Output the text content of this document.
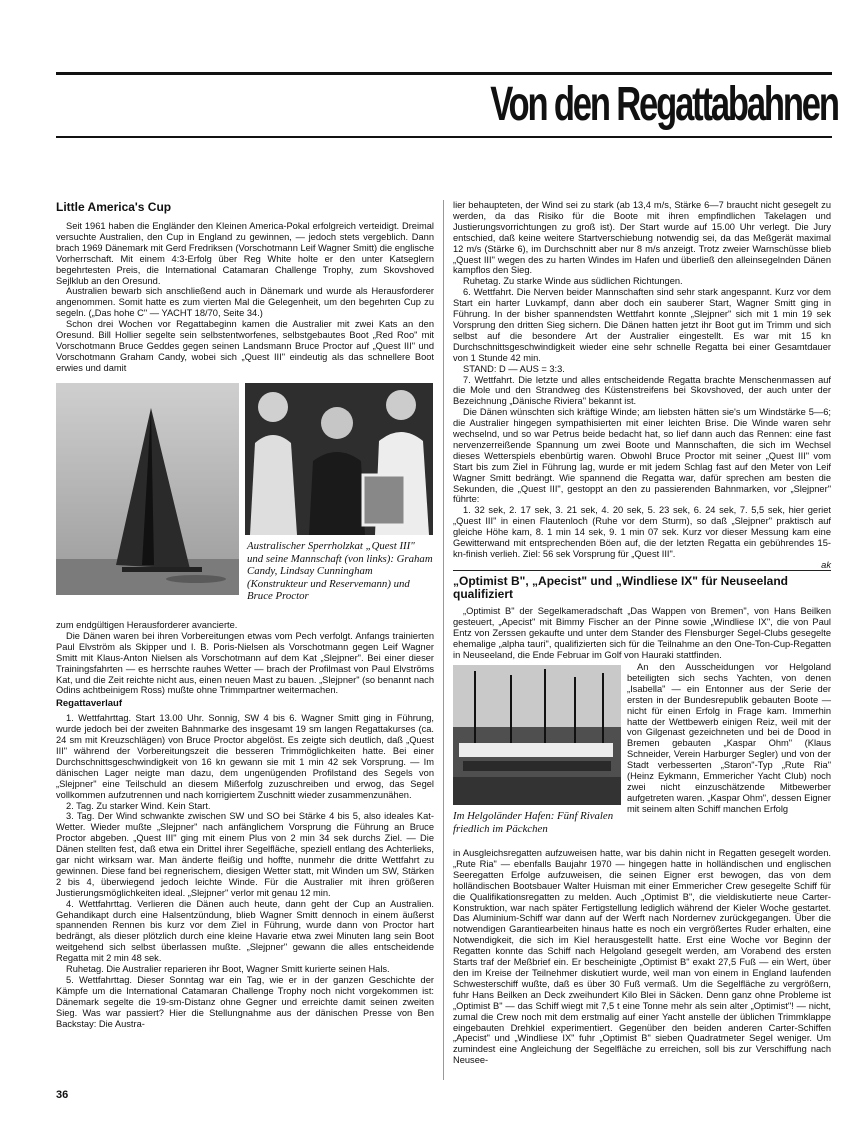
Von den Regattabahnen
Little America's Cup

Seit 1961 haben die Engländer den Kleinen America-Pokal erfolgreich verteidigt. Dreimal versuchte Australien, den Cup in England zu gewinnen, — jedoch stets vergeblich. Dann brach 1969 Dänemark mit Gerd Fredriksen (Vorschotmann Leif Wagner Smitt) die englische Vorherrschaft. Mit einem 4:3-Erfolg über Reg White holte er den unter Katseglern begehrtesten Preis, die International Catamaran Challenge Trophy, zum Skovshoved Sejlklub an den Oresund.

Australien bewarb sich anschließend auch in Dänemark und wurde als Herausforderer angenommen. Somit hatte es zum vierten Mal die Gelegenheit, um den begehrten Cup zu segeln. („Das hohe C" — YACHT 18/70, Seite 34.)

Schon drei Wochen vor Regattabeginn kamen die Australier mit zwei Kats an den Oresund. Bill Hollier segelte sein selbstentworfenes, selbstgebautes Boot „Red Roo" mit Vorschotmann Bruce Geddes gegen seinen Landsmann Bruce Proctor auf „Quest III" und Vorschotmann Graham Candy, wobei sich „Quest III" eindeutig als das schnellere Boot erwies und damit

Australischer Sperrholzkat „Quest III" und seine Mannschaft (von links): Graham Candy, Lindsay Cunningham (Konstrukteur und Reservemann) und Bruce Proctor

zum endgültigen Herausforderer avancierte.

Die Dänen waren bei ihren Vorbereitungen etwas vom Pech verfolgt. Anfangs trainierten Paul Elvström als Skipper und I. B. Poris-Nielsen als Vorschotmann gegen Leif Wagner Smitt mit Klaus-Anton Nielsen als Vorschotmann auf dem Kat „Slejpner". Bei einer dieser Trainingsfahrten — es herrschte rauhes Wetter — brach der Profilmast von Paul Elvströms Kat, und die Zeit reichte nicht aus, einen neuen Mast zu bauen. „Slejpner" (so benannt nach Odins achtbeinigem Ross) mußte ohne Trimmpartner weitermachen.

Regattaverlauf

1. Wettfahrttag. Start 13.00 Uhr. Sonnig, SW 4 bis 6. Wagner Smitt ging in Führung, wurde jedoch bei der zweiten Bahnmarke des insgesamt 19 sm langen Regattakurses (ca. 24 sm mit Kreuzschlägen) von Bruce Proctor abgelöst. Es zeigte sich deutlich, daß „Quest III" während der Vorbereitungszeit die besseren Trimmöglichkeiten hatte. Bei einer Durchschnittsgeschwindigkeit von 16 kn gewann sie mit 1 min 42 sek Vorsprung. — Im dänischen Lager neigte man dazu, dem ungenügenden Profilstand des Segels von „Slejpner" eine Teilschuld an diesem Mißerfolg zuzuschreiben und erwog, das Segel vollkommen aufzutrennen und nach korrigiertem Zuschnitt wieder zusammenzunähen.

2. Tag. Zu starker Wind. Kein Start.

3. Tag. Der Wind schwankte zwischen SW und SO bei Stärke 4 bis 5, also ideales Kat-Wetter. Wieder mußte „Slejpner" nach anfänglichem Vorsprung die Führung an Bruce Proctor abgeben. „Quest III" ging mit einem Plus von 2 min 34 sek durchs Ziel. — Die Dänen stellten fest, daß etwa ein Drittel ihrer Segelfläche, speziell entlang des Achterlieks, gar nicht wirksam war. Man änderte fleißig und hoffte, nunmehr die dritte Wettfahrt zu gewinnen. Diese fand bei regnerischem, diesigen Wetter statt, mit Winden um SW, Stärken 2 bis 4, überwiegend jedoch leichte Winde. Für die Australier mit ihren größeren Justierungsmöglichkeiten ideal. „Slejpner" verlor mit genau 12 min.

4. Wettfahrttag. Verlieren die Dänen auch heute, dann geht der Cup an Australien. Gehandikapt durch eine Halsentzündung, blieb Wagner Smitt dennoch in einem äußerst spannenden Rennen bis kurz vor dem Ziel in Führung, wurde dann von Proctor hart bedrängt, als dieser plötzlich durch eine kleine Havarie etwa zwei Minuten lang sein Boot weitgehend sich selbst überlassen mußte. „Slejpner" gewann die alles entscheidende Regatta mit 2 min 48 sek.

Ruhetag. Die Australier reparieren ihr Boot, Wagner Smitt kurierte seinen Hals.

5. Wettfahrttag. Dieser Sonntag war ein Tag, wie er in der ganzen Geschichte der Kämpfe um die International Catamaran Challenge Trophy noch nicht vorgekommen ist: Dänemark segelte die 19-sm-Distanz ohne Gegner und erreichte damit seinen zweiten Sieg. Was war passiert? Hier die Stellungnahme aus der dänischen Presse von Ben Backstay: Die Austra-

lier behaupteten, der Wind sei zu stark (ab 13,4 m/s, Stärke 6—7 braucht nicht gesegelt zu werden, da das Risiko für die Boote mit ihren empfindlichen Takelagen und Justierungsvorrichtungen zu groß ist). Der Start wurde auf 15.00 Uhr verlegt. Die Jury entschied, daß keine weitere Startverschiebung notwendig sei, da das Meßgerät maximal 12 m/s (Stärke 6), im Durchschnitt aber nur 8 m/s anzeigt. Trotz zweier Warnschüsse blieb „Quest III" wegen des zu harten Windes im Hafen und überließ den alleinsegelnden Dänen kampflos den Sieg.

Ruhetag. Zu starke Winde aus südlichen Richtungen.

6. Wettfahrt. Die Nerven beider Mannschaften sind sehr stark angespannt. Kurz vor dem Start ein harter Luvkampf, dann aber doch ein sauberer Start, Wagner Smitt ging in Führung. In der bisher spannendsten Wettfahrt konnte „Slejpner" sich mit 1 min 19 sek Vorsprung den dritten Sieg sichern. Die Dänen hatten jetzt ihr Boot gut im Trimm und sich selbst auf die besondere Art der Australier eingestellt. Es war mit 15 kn Durchschnittsgeschwindigkeit wieder eine sehr schnelle Regatta bei einer Gesamtdauer von 1 Stunde 42 min.

STAND: D — AUS = 3:3.

7. Wettfahrt. Die letzte und alles entscheidende Regatta brachte Menschenmassen auf die Mole und den Strandweg des Küstenstreifens bei Skovshoved, der auch unter der Bezeichnung „Dänische Riviera" bekannt ist.

Die Dänen wünschten sich kräftige Winde; am liebsten hätten sie's um Windstärke 5—6; die Australier hingegen sympathisierten mit einer leichten Brise. Die Winde waren sehr wechselnd, und so war Petrus beide bedacht hat, so lief dann auch das Rennen: eine fast nervenzerreißende Spannung um zwei Boote und Mannschaften, die sich im Wechsel dieses Wetterspiels ebenbürtig waren. Obwohl Bruce Proctor mit seiner „Quest III" vom Start bis zum Ziel in Führung lag, wurde er mit jedem Schlag fast auf den Meter von Leif Wagner Smitt bedrängt. Wie spannend die Regatta war, dafür sprechen am besten die Sekunden, die „Quest III", gestoppt an den zu passierenden Bahnmarken, vor „Slejpner" führte:

1. 32 sek, 2. 17 sek, 3. 21 sek, 4. 20 sek, 5. 23 sek, 6. 24 sek, 7. 5,5 sek, hier geriet „Quest III" in einen Flautenloch (Ruhe vor dem Sturm), so daß „Slejpner" praktisch auf gleiche Höhe kam, 8. 1 min 14 sek, 9. 1 min 07 sek. Kurz vor dieser Messung kam eine Gewitterwand mit entsprechenden Böen auf, die der letzten Regatta ein gebührendes 15-kn-finish verlieh. Ziel: 56 sek Vorsprung für „Quest III".

ak
„Optimist B", „Apecist" und „Windliese IX" für Neuseeland qualifiziert

„Optimist B" der Segelkameradschaft „Das Wappen von Bremen", von Hans Beilken gesteuert, „Apecist" mit Bimmy Fischer an der Pinne sowie „Windliese IX", die von Paul Entz von Zerssen gekaufte und unter dem Stander des Flensburger Segel-Clubs gesegelte ehemalige „alpha tauri", qualifizierten sich für die Teilnahme an den One-Ton-Cup-Regatten in Neuseeland, die Ende Februar im Golf von Hauraki stattfinden.

Im Helgoländer Hafen: Fünf Rivalen friedlich im Päckchen

An den Ausscheidungen vor Helgoland beteiligten sich sechs Yachten, von denen „Isabella" — ein Entonner aus der Serie der ersten in der Bundesrepublik gebauten Boote — nicht für einen Erfolg in Frage kam. Immerhin hatte der Wettbewerb einigen Reiz, weil mit der von Gilgenast gezeichneten und bei de Dood in Bremen gebauten „Kaspar Ohm" (Klaus Schneider, Verein Harburger Segler) und von der Stadt verbesserten „Staron"-Typ „Rute Ria" (Heinz Eykmann, Emmericher Yacht Club) noch zwei nicht einzuschätzende Mitbewerber aufgetreten waren. „Kaspar Ohm", dessen Eigner mit seinem alten Schiff manchen Erfolg

in Ausgleichsregatten aufzuweisen hatte, war bis dahin nicht in Regatten gesegelt worden. „Rute Ria" — ebenfalls Baujahr 1970 — hingegen hatte in holländischen und englischen Seeregatten Erfolge aufzuweisen, die seinen Eigner erst bewogen, das von dem holländischen Bootsbauer Walter Huisman mit einer Emmericher Crew gesegelte Schiff für die Qualifikationsregatten zu melden. Auch „Optimist B", die vieldiskutierte neue Carter-Konstruktion, war nach später Fertigstellung lediglich während der Kieler Woche gestartet. Das Aluminium-Schiff war dann auf der Werft nach Nordernev zurückgegangen. Über die notwendigen Garantiearbeiten hinaus hatte es noch ein vergrößertes Ruder erhalten, eine Notwendigkeit, die sich im Kiel herausgestellt hatte. Erst eine Woche vor Beginn der Regatten konnte das Schiff nach Helgoland gesegelt werden, am Vorabend des ersten Starts traf der Meßbrief ein. Er bescheinigte „Optimist B" exakt 27,5 Fuß — ein Wert, über den im Kreise der Teilnehmer diskutiert wurde, weil man von einem in England laufenden Schwesterschiff wußte, daß es über 30 Fuß vermaß. Um die Segelfläche zu vergrößern, fuhr Hans Beilken an Deck zweihundert Kilo Blei in Säcken. Denn ganz ohne Probleme ist „Optimist B" — das Schiff wiegt mit 7,5 t eine Tonne mehr als sein alter „Optimist"! — nicht, zumal die Crew noch mit dem erstmalig auf einer Yacht anstelle der üblichen Trimmklappe eingebauten Drehkiel experimentiert. Gegenüber den beiden anderen Carter-Schiffen „Apecist" und „Windliese IX" fuhr „Optimist B" sieben Quadratmeter Segel weniger. Um zumindest eine Angleichung der Segelfläche zu erreichen, soll bis zur Verschiffung nach Neusee-

36
